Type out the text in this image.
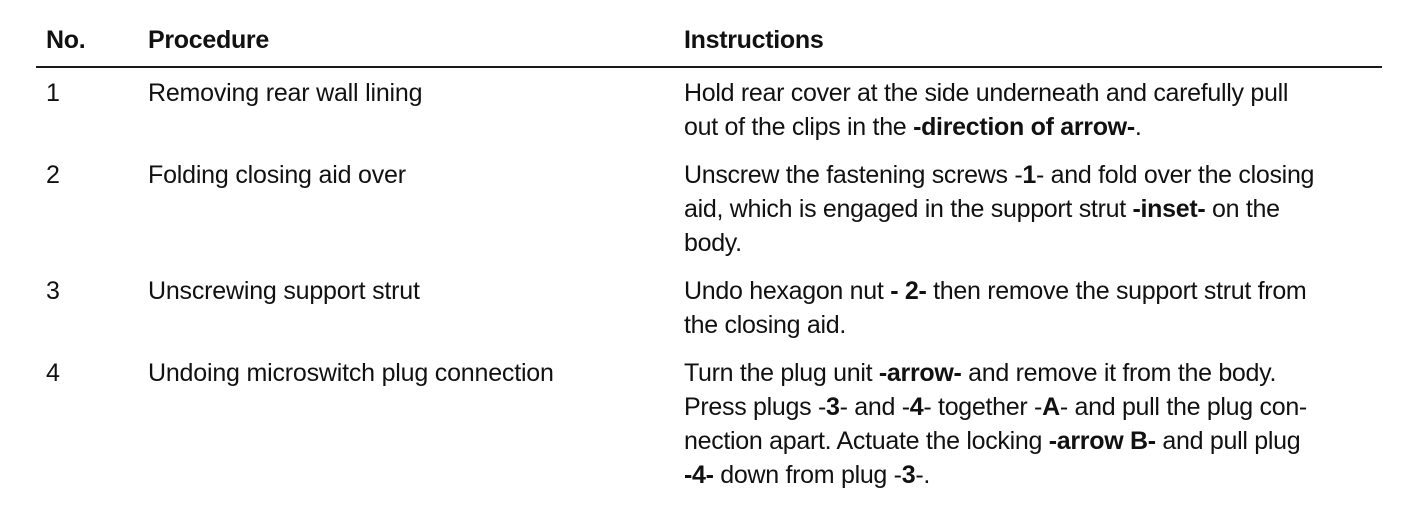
No.	Procedure	Instructions
1	Removing rear wall lining	Hold rear cover at the side underneath and carefully pull
out of the clips in the -direction of arrow-.
2	Folding closing aid over	Unscrew the fastening screws -1- and fold over the closing
aid, which is engaged in the support strut -inset- on the
body.
3	Unscrewing support strut	Undo hexagon nut - 2- then remove the support strut from
the closing aid.
4	Undoing microswitch plug connection	Turn the plug unit -arrow- and remove it from the body.
Press plugs -3- and -4- together -A- and pull the plug con-
nection apart. Actuate the locking -arrow B- and pull plug
-4- down from plug -3-.
